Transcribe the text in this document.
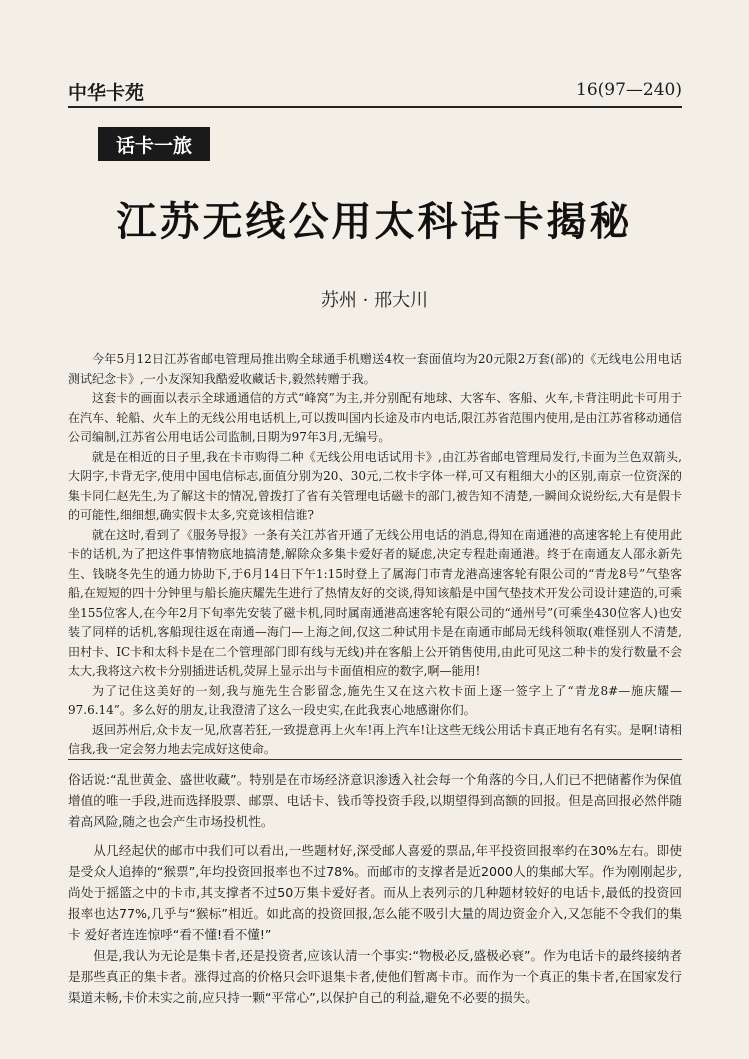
中华卡苑	16(97—240)
话卡一旅
江苏无线公用太科话卡揭秘
苏州 · 邢大川

今年5月12日江苏省邮电管理局推出购全球通手机赠送4枚一套面值均为20元限2万套(部)的《无线电公用电话测试纪念卡》,一小友深知我酷爱收藏话卡,毅然转赠于我。

这套卡的画面以表示全球通通信的方式“峰窝”为主,并分别配有地球、大客车、客船、火车,卡背注明此卡可用于在汽车、轮船、火车上的无线公用电话机上,可以拨叫国内长途及市内电话,限江苏省范围内使用,是由江苏省移动通信公司编制,江苏省公用电话公司监制,日期为97年3月,无编号。

就是在相近的日子里,我在卡市购得二种《无线公用电话试用卡》,由江苏省邮电管理局发行,卡面为兰色双箭头,大阴字,卡背无字,使用中国电信标志,面值分别为20、30元,二枚卡字体一样,可又有粗细大小的区别,南京一位资深的集卡同仁赵先生,为了解这卡的情况,曾拨打了省有关管理电话磁卡的部门,被告知不清楚,一瞬间众说纷纭,大有是假卡的可能性,细细想,确实假卡太多,究竟该相信谁?

就在这时,看到了《服务导报》一条有关江苏省开通了无线公用电话的消息,得知在南通港的高速客轮上有使用此卡的话机,为了把这件事情物底地搞清楚,解除众多集卡爱好者的疑虑,决定专程赴南通港。终于在南通友人邵永新先生、钱晓冬先生的通力协助下,于6月14日下午1:15时登上了属海门市青龙港高速客轮有限公司的“青龙8号”气垫客船,在短短的四十分钟里与船长施庆耀先生进行了热情友好的交谈,得知该船是中国气垫技术开发公司设计建造的,可乘坐155位客人,在今年2月下旬率先安装了磁卡机,同时属南通港高速客轮有限公司的“通州号”(可乘坐430位客人)也安装了同样的话机,客船现往返在南通—海门—上海之间,仅这二种试用卡是在南通市邮局无线科领取(难怪别人不清楚,田村卡、IC卡和太科卡是在二个管理部门即有线与无线)并在客船上公开销售使用,由此可见这二种卡的发行数量不会太大,我将这六枚卡分别插进话机,荧屏上显示出与卡面值相应的数字,啊—能用!

为了记住这美好的一刻,我与施先生合影留念,施先生又在这六枚卡面上逐一签字上了“青龙8#—施庆耀—97.6.14”。多么好的朋友,让我澄清了这么一段史实,在此我衷心地感谢你们。

返回苏州后,众卡友一见,欣喜若狂,一致提意再上火车!再上汽车!让这些无线公用话卡真正地有名有实。是啊!请相信我,我一定会努力地去完成好这使命。

俗话说:“乱世黄金、盛世收藏”。特别是在市场经济意识渗透入社会每一个角落的今日,人们已不把储蓄作为保值增值的唯一手段,进而选择股票、邮票、电话卡、钱币等投资手段,以期望得到高额的回报。但是高回报必然伴随着高风险,随之也会产生市场投机性。

从几经起伏的邮市中我们可以看出,一些题材好,深受邮人喜爱的票品,年平投资回报率约在30%左右。即使是受众人追捧的“猴票”,年均投资回报率也不过78%。而邮市的支撑者是近2000人的集邮大军。作为刚刚起步,尚处于摇篮之中的卡市,其支撑者不过50万集卡爱好者。而从上表列示的几种题材较好的电话卡,最低的投资回报率也达77%,几乎与“猴标”相近。如此高的投资回报,怎么能不吸引大量的周边资金介入,又怎能不令我们的集卡 爱好者连连惊呼“看不懂!看不懂!”

但是,我认为无论是集卡者,还是投资者,应该认清一个事实:“物极必反,盛极必衰”。作为电话卡的最终接纳者是那些真正的集卡者。涨得过高的价格只会吓退集卡者,使他们暂离卡市。而作为一个真正的集卡者,在国家发行渠道未畅,卡价未实之前,应只持一颗“平常心”,以保护自己的利益,避免不必要的损失。
